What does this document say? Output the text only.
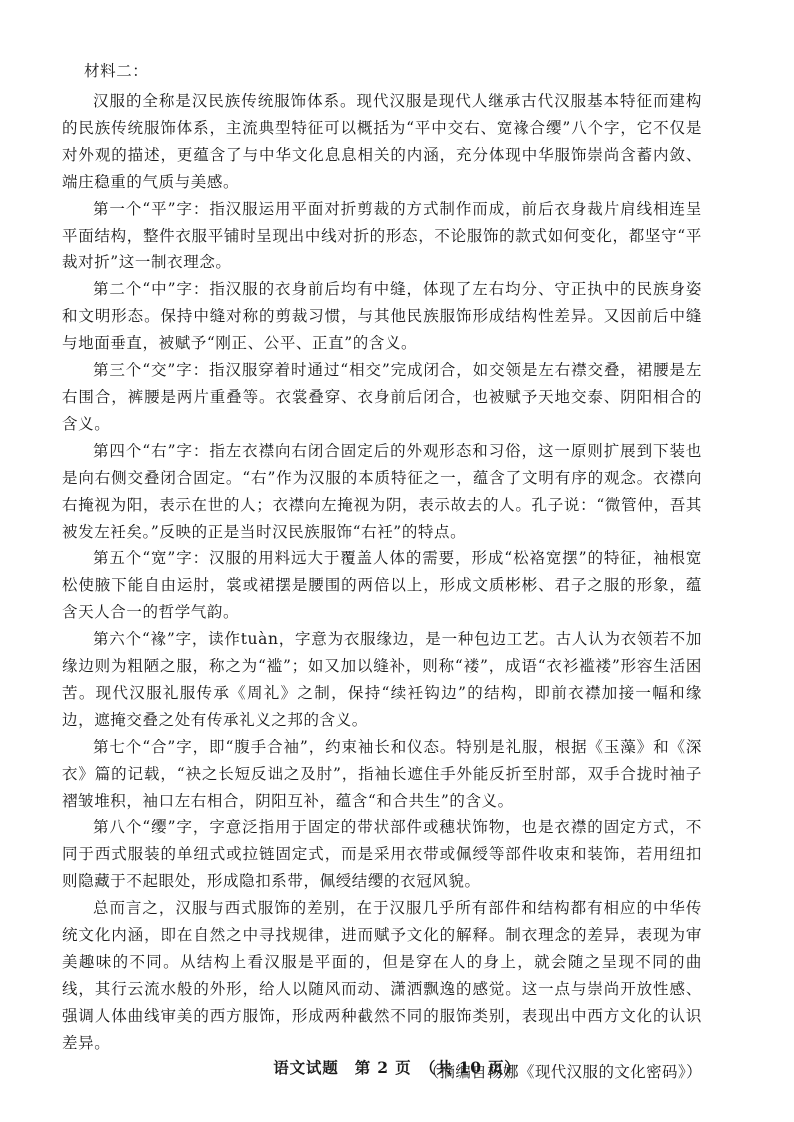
材料二：

汉服的全称是汉民族传统服饰体系。现代汉服是现代人继承古代汉服基本特征而建构的民族传统服饰体系，主流典型特征可以概括为“平中交右、宽褖合缨”八个字，它不仅是对外观的描述，更蕴含了与中华文化息息相关的内涵，充分体现中华服饰崇尚含蓄内敛、端庄稳重的气质与美感。

第一个“平”字：指汉服运用平面对折剪裁的方式制作而成，前后衣身裁片肩线相连呈平面结构，整件衣服平铺时呈现出中线对折的形态，不论服饰的款式如何变化，都坚守“平裁对折”这一制衣理念。

第二个“中”字：指汉服的衣身前后均有中缝，体现了左右均分、守正执中的民族身姿和文明形态。保持中缝对称的剪裁习惯，与其他民族服饰形成结构性差异。又因前后中缝与地面垂直，被赋予“刚正、公平、正直”的含义。

第三个“交”字：指汉服穿着时通过“相交”完成闭合，如交领是左右襟交叠，裙腰是左右围合，裤腰是两片重叠等。衣裳叠穿、衣身前后闭合，也被赋予天地交泰、阴阳相合的含义。

第四个“右”字：指左衣襟向右闭合固定后的外观形态和习俗，这一原则扩展到下装也是向右侧交叠闭合固定。“右”作为汉服的本质特征之一，蕴含了文明有序的观念。衣襟向右掩视为阳，表示在世的人；衣襟向左掩视为阴，表示故去的人。孔子说：“微管仲，吾其被发左衽矣。”反映的正是当时汉民族服饰“右衽”的特点。

第五个“宽”字：汉服的用料远大于覆盖人体的需要，形成“松袼宽摆”的特征，袖根宽松使腋下能自由运肘，裳或裙摆是腰围的两倍以上，形成文质彬彬、君子之服的形象，蕴含天人合一的哲学气韵。

第六个“褖”字，读作tuàn，字意为衣服缘边，是一种包边工艺。古人认为衣领若不加缘边则为粗陋之服，称之为“褴”；如又加以缝补，则称“褛”，成语“衣衫褴褛”形容生活困苦。现代汉服礼服传承《周礼》之制，保持“续衽钩边”的结构，即前衣襟加接一幅和缘边，遮掩交叠之处有传承礼义之邦的含义。

第七个“合”字，即“腹手合袖”，约束袖长和仪态。特别是礼服，根据《玉藻》和《深衣》篇的记载，“袂之长短反诎之及肘”，指袖长遮住手外能反折至肘部，双手合拢时袖子褶皱堆积，袖口左右相合，阴阳互补，蕴含“和合共生”的含义。

第八个“缨”字，字意泛指用于固定的带状部件或穗状饰物，也是衣襟的固定方式，不同于西式服装的单纽式或拉链固定式，而是采用衣带或佩绶等部件收束和装饰，若用纽扣则隐藏于不起眼处，形成隐扣系带，佩绶结缨的衣冠风貌。

总而言之，汉服与西式服饰的差别，在于汉服几乎所有部件和结构都有相应的中华传统文化内涵，即在自然之中寻找规律，进而赋予文化的解释。制衣理念的差异，表现为审美趣味的不同。从结构上看汉服是平面的，但是穿在人的身上，就会随之呈现不同的曲线，其行云流水般的外形，给人以随风而动、潇洒飘逸的感觉。这一点与崇尚开放性感、强调人体曲线审美的西方服饰，形成两种截然不同的服饰类别，表现出中西方文化的认识差异。

（摘编自杨娜《现代汉服的文化密码》）

语文试题　第 2 页　（共 10 页）
